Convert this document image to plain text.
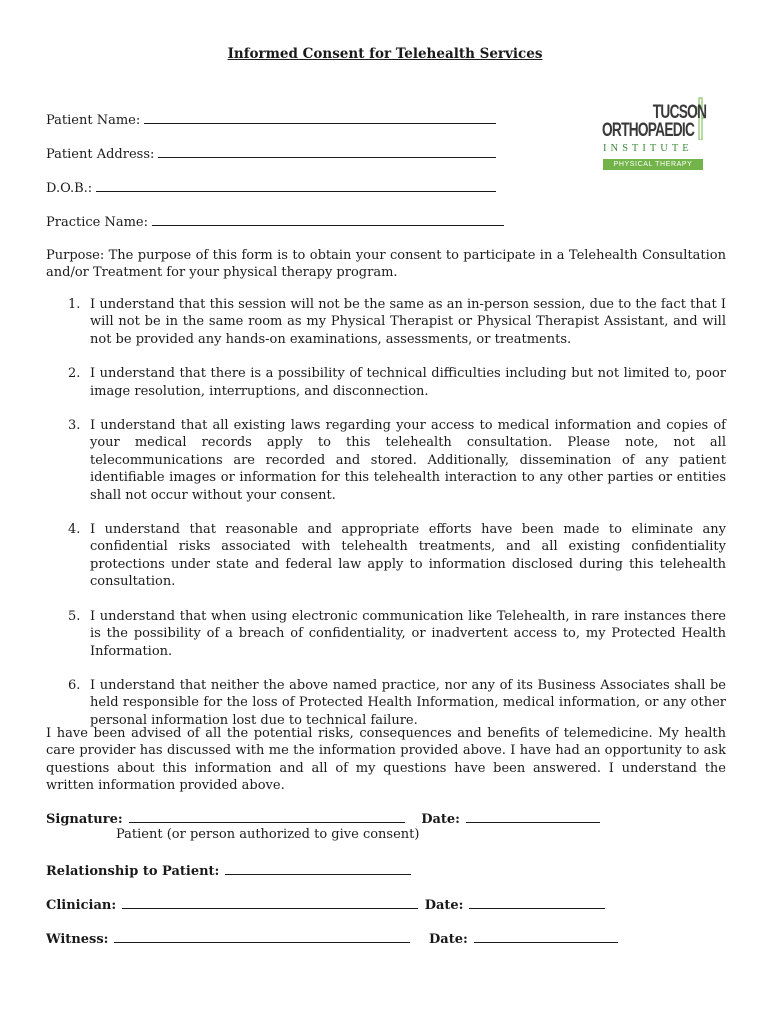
Informed Consent for Telehealth Services
TUCSON
ORTHOPAEDIC
INSTITUTE
PHYSICAL THERAPY
Patient Name:
Patient Address:
D.O.B.:
Practice Name:
Purpose: The purpose of this form is to obtain your consent to participate in a Telehealth Consultation and/or Treatment for your physical therapy program.
1. I understand that this session will not be the same as an in-person session, due to the fact that I will not be in the same room as my Physical Therapist or Physical Therapist Assistant, and will not be provided any hands-on examinations, assessments, or treatments.
2. I understand that there is a possibility of technical difficulties including but not limited to, poor image resolution, interruptions, and disconnection.
3. I understand that all existing laws regarding your access to medical information and copies of your medical records apply to this telehealth consultation. Please note, not all telecommunications are recorded and stored. Additionally, dissemination of any patient identifiable images or information for this telehealth interaction to any other parties or entities shall not occur without your consent.
4. I understand that reasonable and appropriate efforts have been made to eliminate any confidential risks associated with telehealth treatments, and all existing confidentiality protections under state and federal law apply to information disclosed during this telehealth consultation.
5. I understand that when using electronic communication like Telehealth, in rare instances there is the possibility of a breach of confidentiality, or inadvertent access to, my Protected Health Information.
6. I understand that neither the above named practice, nor any of its Business Associates shall be held responsible for the loss of Protected Health Information, medical information, or any other personal information lost due to technical failure.
I have been advised of all the potential risks, consequences and benefits of telemedicine. My health care provider has discussed with me the information provided above. I have had an opportunity to ask questions about this information and all of my questions have been answered. I understand the written information provided above.
Signature:	Date:
Patient (or person authorized to give consent)
Relationship to Patient:
Clinician:	Date:
Witness:	Date:
